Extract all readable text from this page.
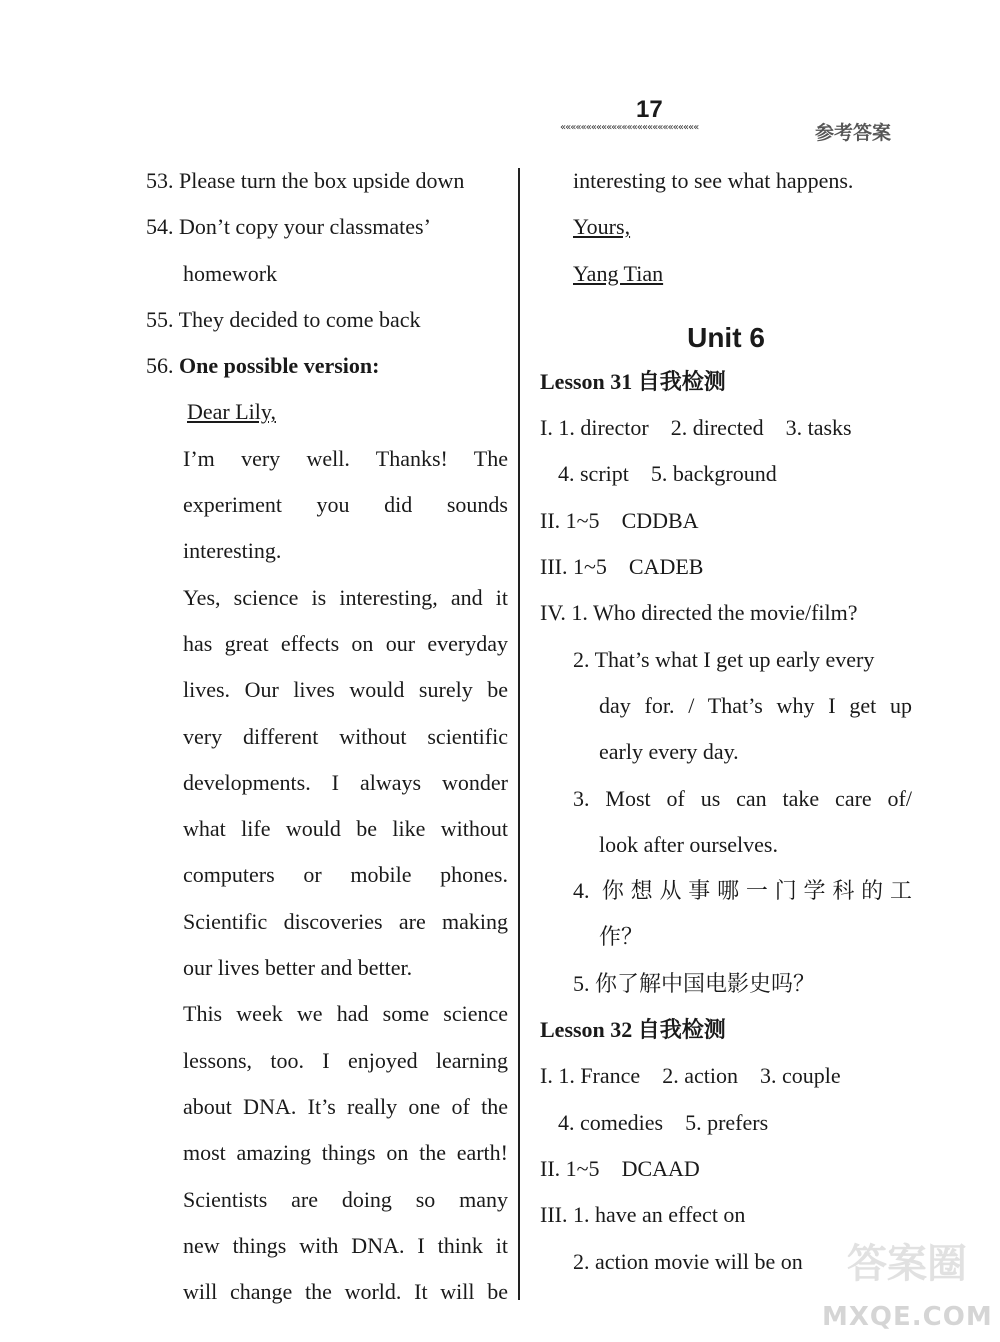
17
«««««««««««««««««««««««««««	参考答案
53. Please turn the box upside down
54. Don’t copy your classmates’
homework
55. They decided to come back
56. One possible version:
Dear Lily,
I’m very well. Thanks! The
experiment you did sounds
interesting.
Yes, science is interesting, and it
has great effects on our everyday
lives. Our lives would surely be
very different without scientific
developments. I always wonder
what life would be like without
computers or mobile phones.
Scientific discoveries are making
our lives better and better.
This week we had some science
lessons, too. I enjoyed learning
about DNA. It’s really one of the
most amazing things on the earth!
Scientists are doing so many
new things with DNA. I think it
will change the world. It will be
interesting to see what happens.
Yours,
Yang Tian
Unit 6
Lesson 31 自我检测
I. 1. director 2. directed 3. tasks
4. script 5. background
II. 1~5 CDDBA
III. 1~5 CADEB
IV. 1. Who directed the movie/film?
2. That’s what I get up early every
day for. / That’s why I get up
early every day.
3. Most of us can take care of/
look after ourselves.
4. 你想从事哪一门学科的工
作？
5. 你了解中国电影史吗？
Lesson 32 自我检测
I. 1. France 2. action 3. couple
4. comedies 5. prefers
II. 1~5 DCAAD
III. 1. have an effect on
2. action movie will be on	答案圈
MXQE.COM
